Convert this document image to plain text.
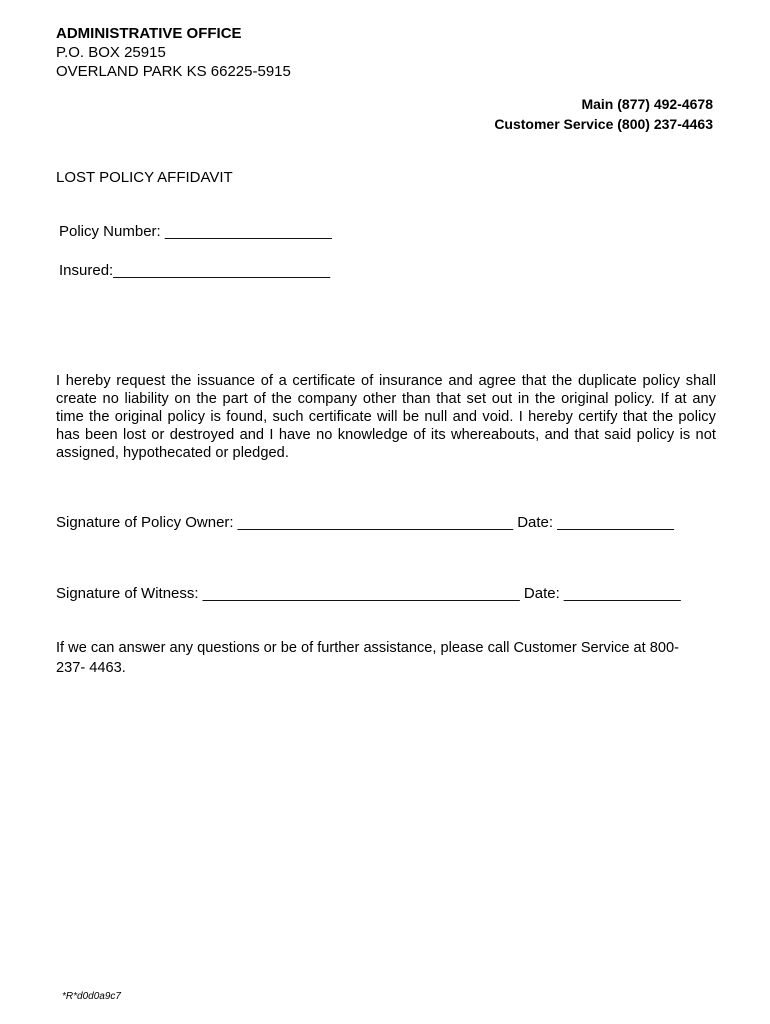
ADMINISTRATIVE OFFICE
P.O. BOX 25915
OVERLAND PARK KS 66225-5915
Main (877) 492-4678
Customer Service (800) 237-4463
LOST POLICY AFFIDAVIT
Policy Number: ____________________
Insured:__________________________
I hereby request the issuance of a certificate of insurance and agree that the duplicate policy shall create no liability on the part of the company other than that set out in the original policy. If at any time the original policy is found, such certificate will be null and void. I hereby certify that the policy has been lost or destroyed and I have no knowledge of its whereabouts, and that said policy is not assigned, hypothecated or pledged.
Signature of Policy Owner: _________________________________ Date: ______________
Signature of Witness: ______________________________________ Date: ______________
If we can answer any questions or be of further assistance, please call Customer Service at 800-237- 4463.
*R*d0d0a9c7
